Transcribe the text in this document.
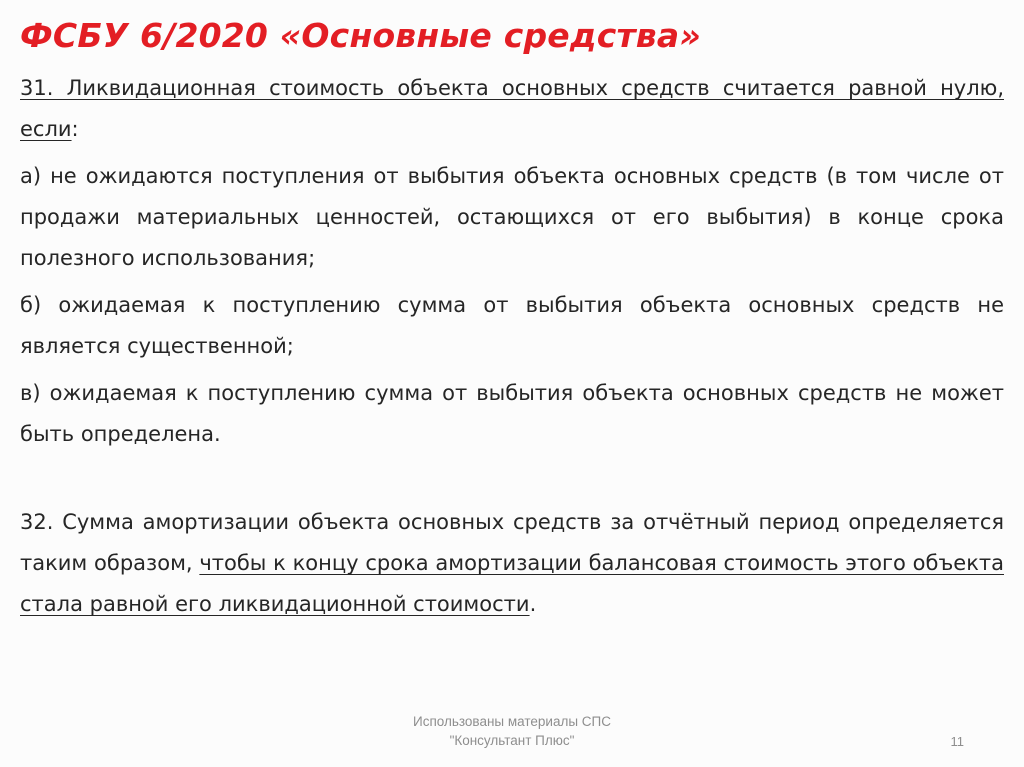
ФСБУ 6/2020 «Основные средства»

31. Ликвидационная стоимость объекта основных средств считается равной нулю, если:

а) не ожидаются поступления от выбытия объекта основных средств (в том числе от продажи материальных ценностей, остающихся от его выбытия) в конце срока полезного использования;

б) ожидаемая к поступлению сумма от выбытия объекта основных средств не является существенной;

в) ожидаемая к поступлению сумма от выбытия объекта основных средств не может быть определена.

32. Сумма амортизации объекта основных средств за отчётный период определяется таким образом, чтобы к концу срока амортизации балансовая стоимость этого объекта стала равной его ликвидационной стоимости.

Использованы материалы СПС
"Консультант Плюс"	11
